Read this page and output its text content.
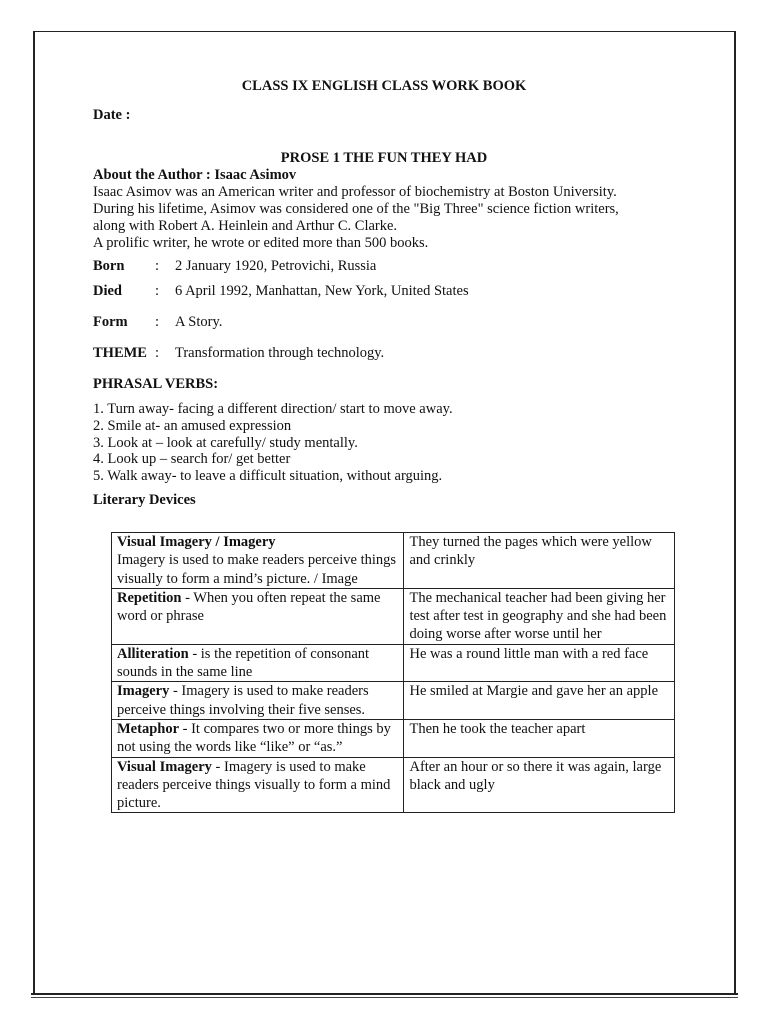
CLASS IX ENGLISH CLASS WORK BOOK
Date :
PROSE 1 THE FUN THEY HAD
About the Author : Isaac Asimov
Isaac Asimov was an American writer and professor of biochemistry at Boston University.
During his lifetime, Asimov was considered one of the "Big Three" science fiction writers,
along with Robert A. Heinlein and Arthur C. Clarke.
A prolific writer, he wrote or edited more than 500 books.
Born : 2 January 1920, Petrovichi, Russia
Died : 6 April 1992, Manhattan, New York, United States
Form : A Story.
THEME : Transformation through technology.
PHRASAL VERBS:
1. Turn away- facing a different direction/ start to move away.
2. Smile at- an amused expression
3. Look at – look at carefully/ study mentally.
4. Look up – search for/ get better
5. Walk away- to leave a difficult situation, without arguing.
Literary Devices
Visual Imagery / Imagery
Imagery is used to make readers perceive things visually to form a mind’s picture. / Image	They turned the pages which were yellow and crinkly
Repetition - When you often repeat the same word or phrase	The mechanical teacher had been giving her test after test in geography and she had been doing worse after worse until her
Alliteration - is the repetition of consonant sounds in the same line	He was a round little man with a red face
Imagery - Imagery is used to make readers perceive things involving their five senses.	He smiled at Margie and gave her an apple
Metaphor - It compares two or more things by not using the words like “like” or “as.”	Then he took the teacher apart
Visual Imagery - Imagery is used to make readers perceive things visually to form a mind picture.	After an hour or so there it was again, large black and ugly
